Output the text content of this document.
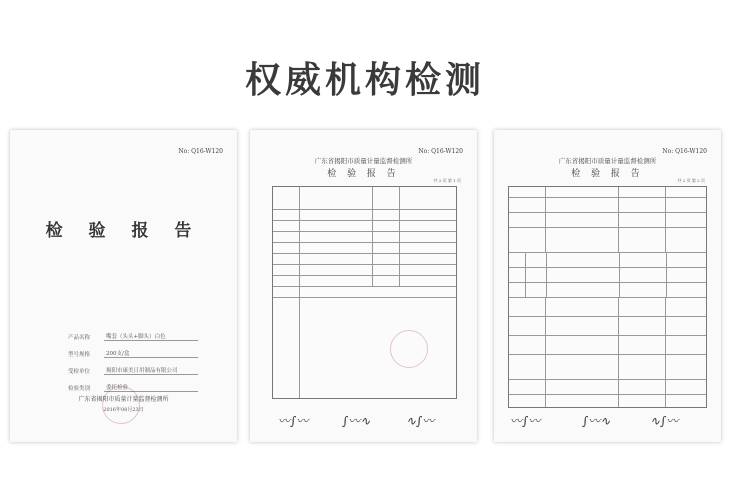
权威机构检测
No: Q16-W120
检 验 报 告
产品名称	嘴套（头头+脚头）白色
型号规格	200支/盒
受检单位	揭阳市康美日用制品有限公司
检验类别	委托检验
广东省揭阳市质量计量监督检测所
2016年08月23日
No: Q16-W120
广东省揭阳市质量计量监督检测所
检 验 报 告
共 2 页 第 1 页
〰∫〰	∫〰∿	∿∫〰
No: Q16-W120
广东省揭阳市质量计量监督检测所
检 验 报 告
共 2 页 第 2 页
〰∫〰	∫〰∿	∿∫〰
